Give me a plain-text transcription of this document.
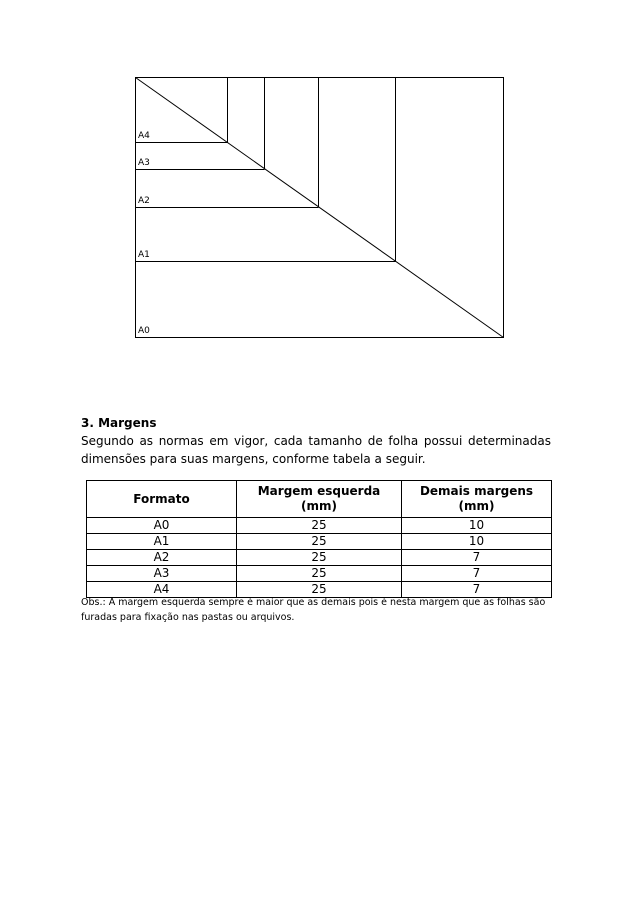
A4
A3
A2
A1
A0
3. Margens
Segundo as normas em vigor, cada tamanho de folha possui determinadas dimensões para suas margens, conforme tabela a seguir.
Formato	Margem esquerda (mm)	Demais margens (mm)
A0	25	10
A1	25	10
A2	25	7
A3	25	7
A4	25	7
Obs.: A margem esquerda sempre é maior que as demais pois é nesta margem que as folhas são furadas para fixação nas pastas ou arquivos.
